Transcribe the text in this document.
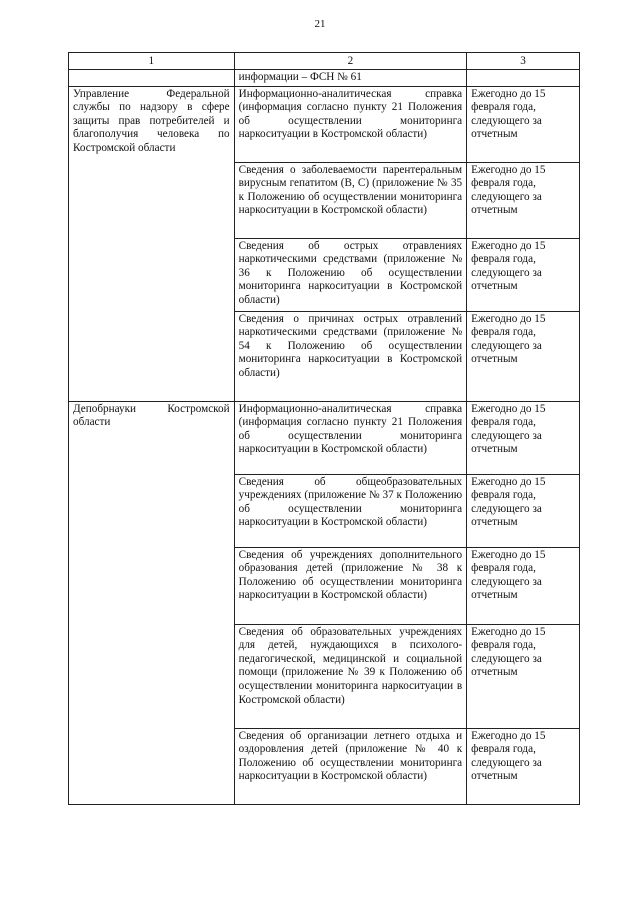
21
1	2	3
	информации – ФСН № 61	
Управление Федеральной службы по надзору в сфере защиты прав потребителей и благополучия человека по Костромской области	Информационно-аналитическая справка (информация согласно пункту 21 Положения об осуществлении мониторинга наркоситуации в Костромской области)	Ежегодно до 15 февраля года, следующего за отчетным
	Сведения о заболеваемости парентеральным вирусным гепатитом (В, С) (приложение № 35 к Положению об осуществлении мониторинга наркоситуации в Костромской области)	Ежегодно до 15 февраля года, следующего за отчетным
	Сведения об острых отравлениях наркотическими средствами (приложение № 36 к Положению об осуществлении мониторинга наркоситуации в Костромской области)	Ежегодно до 15 февраля года, следующего за отчетным
	Сведения о причинах острых отравлений наркотическими средствами (приложение № 54 к Положению об осуществлении мониторинга наркоситуации в Костромской области)	Ежегодно до 15 февраля года, следующего за отчетным
Депобрнауки Костромской области	Информационно-аналитическая справка (информация согласно пункту 21 Положения об осуществлении мониторинга наркоситуации в Костромской области)	Ежегодно до 15 февраля года, следующего за отчетным
	Сведения об общеобразовательных учреждениях (приложение № 37 к Положению об осуществлении мониторинга наркоситуации в Костромской области)	Ежегодно до 15 февраля года, следующего за отчетным
	Сведения об учреждениях дополнительного образования детей (приложение № 38 к Положению об осуществлении мониторинга наркоситуации в Костромской области)	Ежегодно до 15 февраля года, следующего за отчетным
	Сведения об образовательных учреждениях для детей, нуждающихся в психолого-педагогической, медицинской и социальной помощи (приложение № 39 к Положению об осуществлении мониторинга наркоситуации в Костромской области)	Ежегодно до 15 февраля года, следующего за отчетным
	Сведения об организации летнего отдыха и оздоровления детей (приложение № 40 к Положению об осуществлении мониторинга наркоситуации в Костромской области)	Ежегодно до 15 февраля года, следующего за отчетным
